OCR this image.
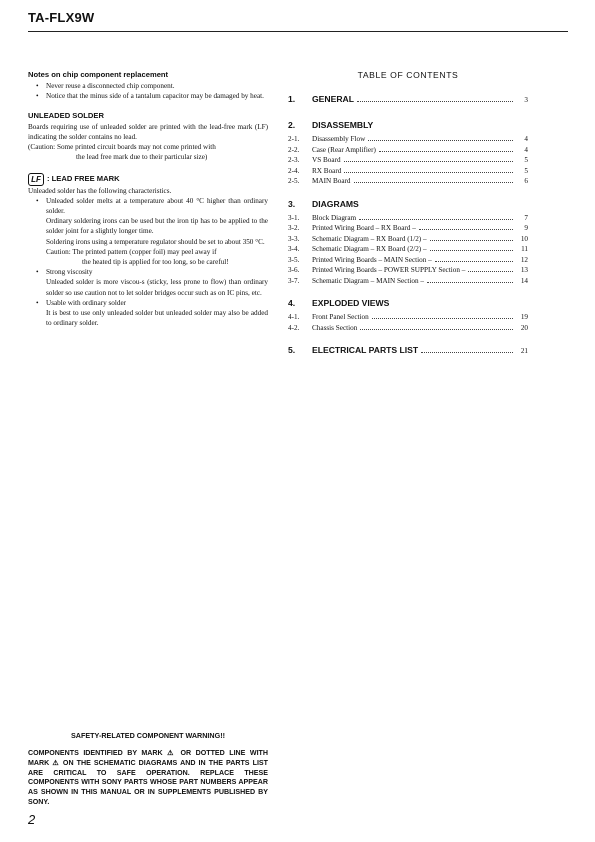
TA-FLX9W
Notes on chip component replacement
• Never reuse a disconnected chip component.
• Notice that the minus side of a tantalum capacitor may be damaged by heat.
UNLEADED SOLDER
Boards requiring use of unleaded solder are printed with the lead-free mark (LF) indicating the solder contains no lead.
(Caution: Some printed circuit boards may not come printed with
the lead free mark due to their particular size)
LF : LEAD FREE MARK
Unleaded solder has the following characteristics.
• Unleaded solder melts at a temperature about 40 °C higher than ordinary solder.
Ordinary soldering irons can be used but the iron tip has to be applied to the solder joint for a slightly longer time.
Soldering irons using a temperature regulator should be set to about 350 °C.
Caution: The printed pattern (copper foil) may peel away if
the heated tip is applied for too long, so be careful!
• Strong viscosity
Unleaded solder is more viscou-s (sticky, less prone to flow) than ordinary solder so use caution not to let solder bridges occur such as on IC pins, etc.
• Usable with ordinary solder
It is best to use only unleaded solder but unleaded solder may also be added to ordinary solder.
TABLE OF CONTENTS
1.	GENERAL	3
2.	DISASSEMBLY
2-1.	Disassembly Flow	4
2-2.	Case (Rear Amplifier)	4
2-3.	VS Board	5
2-4.	RX Board	5
2-5.	MAIN Board	6
3.	DIAGRAMS
3-1.	Block Diagram	7
3-2.	Printed Wiring Board – RX Board –	9
3-3.	Schematic Diagram – RX Board (1/2) –	10
3-4.	Schematic Diagram – RX Board (2/2) –	11
3-5.	Printed Wiring Boards – MAIN Section –	12
3-6.	Printed Wiring Boards – POWER SUPPLY Section –	13
3-7.	Schematic Diagram – MAIN Section –	14
4.	EXPLODED VIEWS
4-1.	Front Panel Section	19
4-2.	Chassis Section	20
5.	ELECTRICAL PARTS LIST	21
SAFETY-RELATED COMPONENT WARNING!!
COMPONENTS IDENTIFIED BY MARK ⚠ OR DOTTED LINE WITH MARK ⚠ ON THE SCHEMATIC DIAGRAMS AND IN THE PARTS LIST ARE CRITICAL TO SAFE OPERATION. REPLACE THESE COMPONENTS WITH SONY PARTS WHOSE PART NUMBERS APPEAR AS SHOWN IN THIS MANUAL OR IN SUPPLEMENTS PUBLISHED BY SONY.
2
